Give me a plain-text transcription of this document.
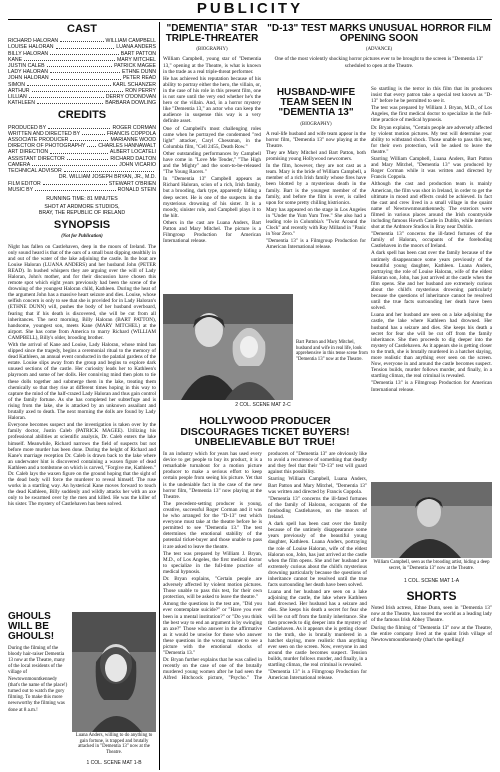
PUBLICITY
CAST
RICHARD HALORAN	WILLIAM CAMPBELL
LOUISE HALORAN	LUANA ANDERS
BILLY HALORAN	BART PATTON
KANE	MARY MITCHEL
JUSTIN CALEB	PATRICK MAGEE
LADY HALORAN	ETHNE DUNN
JOHN HALORAN	PETER READ
SIMON	KARL SCHANZER
ARTHUR	RON PERRY
LILLIAN	DERRY O'DONOVAN
KATHLEEN	BARBARA DOWLING
CREDITS
PRODUCED BY	ROGER CORMAN
WRITTEN AND DIRECTED BY	FRANCIS COPPOLA
ASSOCIATE PRODUCER	MARIANNE WOOD
DIRECTOR OF PHOTOGRAPHY CHARLES HANNAWALT
ART DIRECTION	ALBERT LOCATELI
ASSISTANT DIRECTOR	RICHARD DALTON
CAMERA	JOHN VICARIO
TECHNICAL ADVISOR
DR. WILLIAM JOSEPH BRYAN, JR., M.D.
FILM EDITOR	STEWART O'BRIEN
MUSIC BY	RONALD STEIN
RUNNING TIME: 81 MINUTES
SHOT AT ARDMORE STUDIOS,
BRAY, THE REPUBLIC OF IRELAND
SYNOPSIS
(Not for Publication)

Night has fallen on Castlehaven, deep in the moors of Ireland. The only sound heard is that of the oars of a small boat dipping stealthily in and out of the water of the lake adjoining the castle. In the boat are Louise Haloran (LUANA ANDERS) and her husband John (PETER READ). In hushed whispers they are arguing over the will of Lady Haloran, John's mother, and for their discussion have chosen this remote spot which eight years previously had been the scene of the drowning of the youngest Haloran child, Kathleen. During the heat of the argument John has a massive heart seizure and dies. Louise, whose selfish concern is only to see that she is provided for in Lady Haloran's (ETHNE DUNN) will, pushes the body of her husband overboard, fearing that if his death is discovered, she will be cut from all inheritances. The next morning, Billy Haloran (BART PATTON), handsome, youngest son, meets Kane (MARY MITCHEL) at the airport. She has come from America to marry Richard (WILLIAM CAMPBELL), Billy's older, brooding brother.

With the arrival of Kane and Louise, Lady Haloran, whose mind has slipped since the tragedy, begins a ceremonial ritual to the memory of dead Kathleen, an annual event conducted in the palatial gardens of the estate. Louise slips away from the group and begins to explore dark unused sections of the castle. Her curiosity leads her to Kathleen's playroom and some of her dolls. Her conniving mind then plots to tie these dolls together and submerge them in the lake, treating them chemically so that they rise at different times hoping in this way to capture the mind of the half-crazed Lady Haloran and thus gain control of the family fortune. As she has completed her subterfuge and is rising from the lake, she is attacked by an unknown assailant and brutally axed to death. The next morning the dolls are found by Lady Haloran.

Everyone becomes suspect and the investigation is taken over by the family doctor, Justin Caleb (PATRICK MAGEE). Utilizing his professional abilities at scientific analysis, Dr. Caleb enters the lake himself. Meanwhile, Richard narrows the field of suspects but not before more murder has been done. During the height of Richard and Kane's marriage reception Dr. Caleb is drawn back to the lake where an underwater hint is discovered containing a waxen figure of dead Kathleen and a tombstone on which is carved, "Forgive me, Kathleen." Dr. Caleb lays the waxen figure on the ground hoping that the sight of the dead body will force the murderer to reveal himself. The ruse works in a startling way. An hysterical Kane moves forward to touch the dead Kathleen, Billy suddenly and wildly attacks her with an axe only to be swarmed over by the men and killed. He was the killer of his sister. The mystery of Castlehaven has been solved.

GHOULS WILL BE GHOULS!

During the filming of the bloody hair-raiser Dementia 13 now at the Theatre, many of the local residents of the village of Newtownmountkennedy (that's the name of the place!) turned out to watch the gory filming. To make this more newsworthy the filming was done at 8 a.m.!

Luana Anders, willing to do anything to gain fortune, is trapped and brutally attacked in "Dementia 13" now at the Theatre.
1 COL. SCENE MAT 1-B
"DEMENTIA" STAR TRIPLE-THREATER
(BIOGRAPHY)

William Campbell, young star of "Dementia 13," opening at the Theatre, is what is known in the trade as a real triple-threat performer.

He has achieved his reputation because of his ability to portray either the hero, the villain, or, in the case of his role in this present film, one is not sure until the very end whether he's the hero or the villain. And, in a horror mystery like "Dementia 13," an actor who can keep the audience in suspense this way is a very definite asset.

One of Campbell's most challenging roles came when he portrayed the condemned "red light" attacker, Caryl Chessman, in the Columbia film, "Cell 2455, Death Row."

Other outstanding performances by Campbell have come in "Love Me Tender," "The High and the Mighty" and the soon-to-be-released "The Young Racers."

In "Dementia 13" Campbell appears as Richard Haloran, scion of a rich, Irish family, but a brooding, dark type, apparently hiding a deep secret. He is one of the suspects in the mysterious drowning of his sister. It is a moody, sinister role, and Campbell plays it to the hilt.

Others in the cast are Luana Anders, Bart Patton and Mary Mitchel. The picture is a Filmgroup Production for American International release.

HUSBAND-WIFE TEAM SEEN IN "DEMENTIA 13"
(BIOGRAPHY)

A real-life husband and wife team appear in the horror film, "Dementia 13" now playing at the Theatre.

They are Mary Mitchel and Bart Patton, both promising young Hollywood newcomers.

In the film, however, they are not cast as a team. Mary is the bride of William Campbell, a member of a rich Irish family whose fires have been blotted by a mysterious death in the family. Bart is the youngest member of the family, and before the film is over, is called upon for some pretty chilling histrionics.

Mary has appeared on the stage in Los Angeles in "Under the Yum Yum Tree." She also had a leading role in Columbia's "Twist Around the Clock" and recently with Ray Milland in "Panic in Year Zero."

"Dementia 13" is a Filmgroup Production for American International release.

"D-13" TEST MARKS UNUSUAL HORROR FILM OPENING SOON
(ADVANCE)

One of the most violently shocking horror pictures ever to be brought to the screen is "Dementia 13" scheduled to open at the Theatre.

So startling is the terror in this film that its producers insist that every patron take a special test known as "D-13" before he be permitted to see it.

The test was prepared by William J. Bryan, M.D., of Los Angeles, the first medical doctor to specialize in the full-time practice of medical hypnosis.

Dr. Bryan explains, "Certain people are adversely affected by violent motion pictures. My test will determine your ability to withstand shock. Those unable to pass this test, for their own protection, will be asked to leave the theatre."

Starring William Campbell, Luana Anders, Bart Patton and Mary Mitchel, "Dementia 13" was produced by Roger Corman while it was written and directed by Francis Coppola.

Although the cast and production team is mainly American, the film was shot in Ireland, in order to get the ultimate in mood and effects could be achieved. In fact the cast and crew lived in a small village in the quaint name of Newtownmountkennedy. The exteriors were filmed in various places around the Irish countryside including famous Howth Castle in Dublin, while interiors shot at the Ardmore Studios in Bray near Dublin.

"Dementia 13" concerns the ill-fated fortunes of the family of Haloran, occupants of the foreboding Castlehaven in the moors of Ireland.

A dark spell has been cast over the family because of the untimely disappearance some years previously of the beautiful young daughter, Kathleen. Luana Anders, portraying the role of Louise Haloran, wife of the eldest Haloran son, John, has just arrived at the castle when the film opens. She and her husband are extremely curious about the child's mysterious drowning particularly because the questions of inheritance cannot be resolved until the true facts surrounding her death have been solved.

Luana and her husband are seen on a lake adjoining the castle, the lake where Kathleen had drowned. Her husband has a seizure and dies. She keeps his death a secret for fear she will be cut off from the family inheritance. She then proceeds to dig deeper into the mystery of Castlehaven. As it appears she is getting closer to the truth, she is brutally murdered in a hatchet slaying, more realistic than anything ever seen on the screen. Now, everyone in and around the castle becomes suspect. Tension builds, murder follows murder, and finally, in a startling climax, the real criminal is revealed.

"Dementia 13" is a Filmgroup Production for American International release.

Bart Patton and Mary Mitchel, husband and wife in real life, look apprehensive in this tense scene from "Dementia 13" now at the Theatre.
2 COL. SCENE MAT 2-C
HOLLYWOOD PRODUCER DISCOURAGES TICKET BUYERS! UNBELIEVABLE BUT TRUE!

In an industry which for years has used every device to get people to buy its product, it is a remarkable turnabout for a motion picture producer to make a serious effort to keep certain people from seeing his picture. Yet that is the undeniable fact in the case of the new horror film, "Dementia 13" now playing at the Theatre.

The precedent-setting producer is young, creative, successful Roger Corman and it was he who arranged for the "D-13" test which everyone must take at the theatre before he is permitted to see "Dementia 13." The test determines the emotional stability of the potential ticket-buyer and those unable to pass it are asked to leave the theatre.

The test was prepared by William J. Bryan, M.D., of Los Angeles, the first medical doctor to specialize in the full-time practice of medical hypnosis.

Dr. Bryan explains, "Certain people are adversely affected by violent motion pictures. Those unable to pass this test, for their own protection, will be asked to leave the theatre."

Among the questions in the test are, "Did you ever contemplate suicide?" or "Have you ever been in a mental institution?" or "Do you think the best way to end an argument is by swinging an axe?" Those who answer in the affirmative as it would be unwise for those who answer these questions in the wrong manner to see a picture with the emotional shocks of "Dementia 13."

Dr. Bryan further explains that he was called in recently on the case of one of the brutally murdered young women after he had seen the Alfred Hitchcock picture, "Psycho." The producers of "Dementia 13" are obviously like to avoid a recurrence of something that deadly and they feel that their "D-13" test will guard against this possibility.

Starring William Campbell, Luana Anders, Bart Patton and Mary Mitchel, "Dementia 13" was written and directed by Francis Coppola.

"Dementia 13" concerns the ill-fated fortunes of the family of Haloran, occupants of the foreboding Castlehaven, on the moors of Ireland.

A dark spell has been cast over the family because of the untimely disappearance some years previously of the beautiful young daughter, Kathleen. Luana Anders, portraying the role of Louise Haloran, wife of the eldest Haloran son, John, has just arrived at the castle when the film opens. She and her husband are extremely curious about the child's mysterious drowning particularly because the questions of inheritance cannot be resolved until the true facts surrounding her death have been solved.

Luana and her husband are seen on a lake adjoining the castle, the lake where Kathleen had drowned. Her husband has a seizure and dies. She keeps his death a secret for fear she will be cut off from the family inheritance. She then proceeds to dig deeper into the mystery of Castlehaven. As it appears she is getting closer to the truth, she is brutally murdered in a hatchet slaying, more realistic than anything ever seen on the screen. Now, everyone in and around the castle becomes suspect. Tension builds, murder follows murder, and finally, in a startling climax, the real criminal is revealed.

"Dementia 13" is a Filmgroup Production for American International release.

William Campbell, seen as the brooding artist, hiding a deep secret, in "Dementia 13" now at the Theatre.
1 COL. SCENE MAT 1-A
SHORTS

Noted Irish actress, Ethne Dunn, seen in "Dementia 13" now at the Theatre, has toured the world as a leading lady of the famous Irish Abbey Theatre.

During the filming of "Dementia 13" now at the Theatre, the entire company lived at the quaint Irish village of Newtownmountkennedy (that's the spelling)!
